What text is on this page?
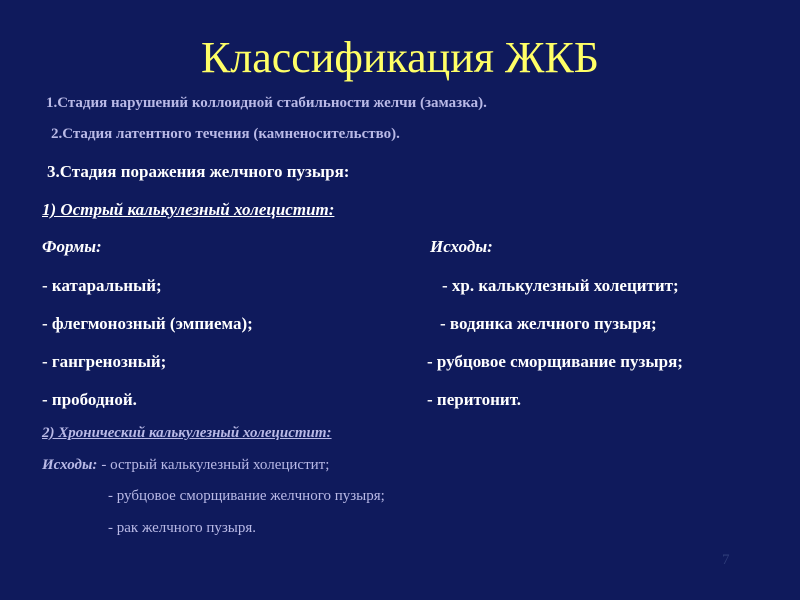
Классификация ЖКБ
1.Стадия нарушений коллоидной стабильности желчи (замазка).
2.Стадия латентного течения (камненосительство).
3.Стадия поражения желчного пузыря:
1) Острый калькулезный холецистит:
Формы:	Исходы:
- катаральный;	- хр. калькулезный холецитит;
- флегмонозный (эмпиема);	- водянка желчного пузыря;
- гангренозный;	- рубцовое сморщивание пузыря;
- прободной.	- перитонит.
2) Хронический калькулезный холецистит:
Исходы: - острый калькулезный холецистит;
- рубцовое сморщивание желчного пузыря;
- рак желчного пузыря.
7
